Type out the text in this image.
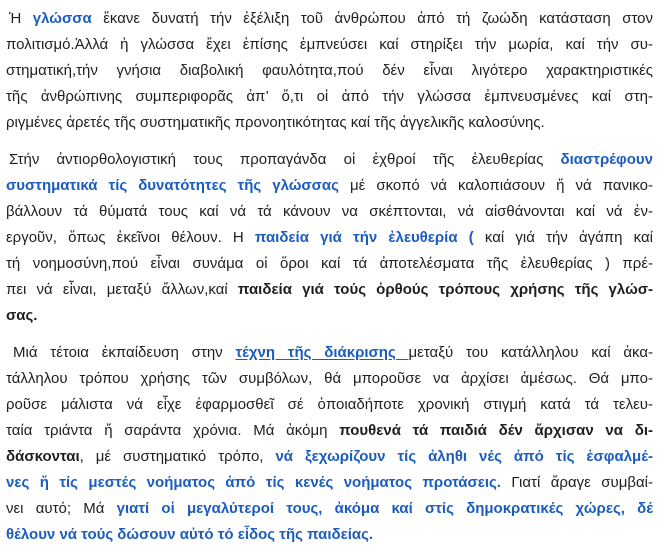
Ἡ γλώσσα ἔκανε δυνατή τήν ἐξέλιξη τοῦ ἀνθρώπου ἀπό τή ζωώδη κατάσταση στον
πολιτισμό.Ἀλλά ἡ γλώσσα ἔχει ἐπίσης ἐμπνεύσει καί στηρίξει τήν μωρία, καί τήν συ-
στηματική,τήν γνήσια διαβολική φαυλότητα,πού δέν εἶναι λιγότερο χαρακτηριστικές
τῆς ἀνθρώπινης συμπεριφορᾶς ἀπ’ ὅ,τι οἱ ἀπό τήν γλώσσα ἐμπνευσμένες καί στη-
ριγμένες ἀρετές τῆς συστηματικῆς προνοητικότητας καί τῆς ἀγγελικῆς καλοσύνης.
Στήν ἀντιορθολογιστική τους προπαγάνδα οἱ ἐχθροί τῆς ἐλευθερίας διαστρέφουν
συστηματικά τίς δυνατότητες τῆς γλώσσας μέ σκοπό νά καλοπιάσουν ἤ νά πανικο-
βάλλουν τά θύματά τους καί νά τά κάνουν να σκέπτονται, νά αἰσθάνονται καί νά ἐν-
εργοῦν, ὅπως ἐκεῖνοι θέλουν. Η παιδεία γιά τήν ἐλευθερία ( καί γιά τήν ἀγάπη καί
τή νοημοσύνη,πού εἶναι συνάμα οἱ ὅροι καί τά ἀποτελέσματα τῆς ἐλευθερίας ) πρέ-
πει νά εἶναι, μεταξύ ἄλλων,καί παιδεία γιά τούς ὀρθούς τρόπους χρήσης τῆς γλώσ-
σας.
Μιά τέτοια ἐκπαίδευση στην τέχνη τῆς διάκρισης μεταξύ του κατάλληλου καί ἀκα-
τάλληλου τρόπου χρήσης τῶν συμβόλων, θά μποροῦσε να ἀρχίσει ἀμέσως. Θά μπο-
ροῦσε μάλιστα νά εἶχε ἐφαρμοσθεῖ σέ ὁποιαδήποτε χρονική στιγμή κατά τά τελευ-
ταία τριάντα ἤ σαράντα χρόνια. Μά ἀκόμη πουθενά τά παιδιά δέν ἄρχισαν να δι-
δάσκονται, μέ συστηματικό τρόπο, νά ξεχωρίζουν τίς ἀληθι νές ἀπό τίς ἐσφαλμέ-
νες ἤ τίς μεστές νοήματος ἀπό τίς κενές νοήματος προτάσεις. Γιατί ἄραγε συμβαί-
νει αυτό; Μά γιατί οἱ μεγαλύτεροί τους, ἀκόμα καί στίς δημοκρατικές χώρες, δέ
θέλουν νά τούς δώσουν αὐτό τό εἶδος τῆς παιδείας.
